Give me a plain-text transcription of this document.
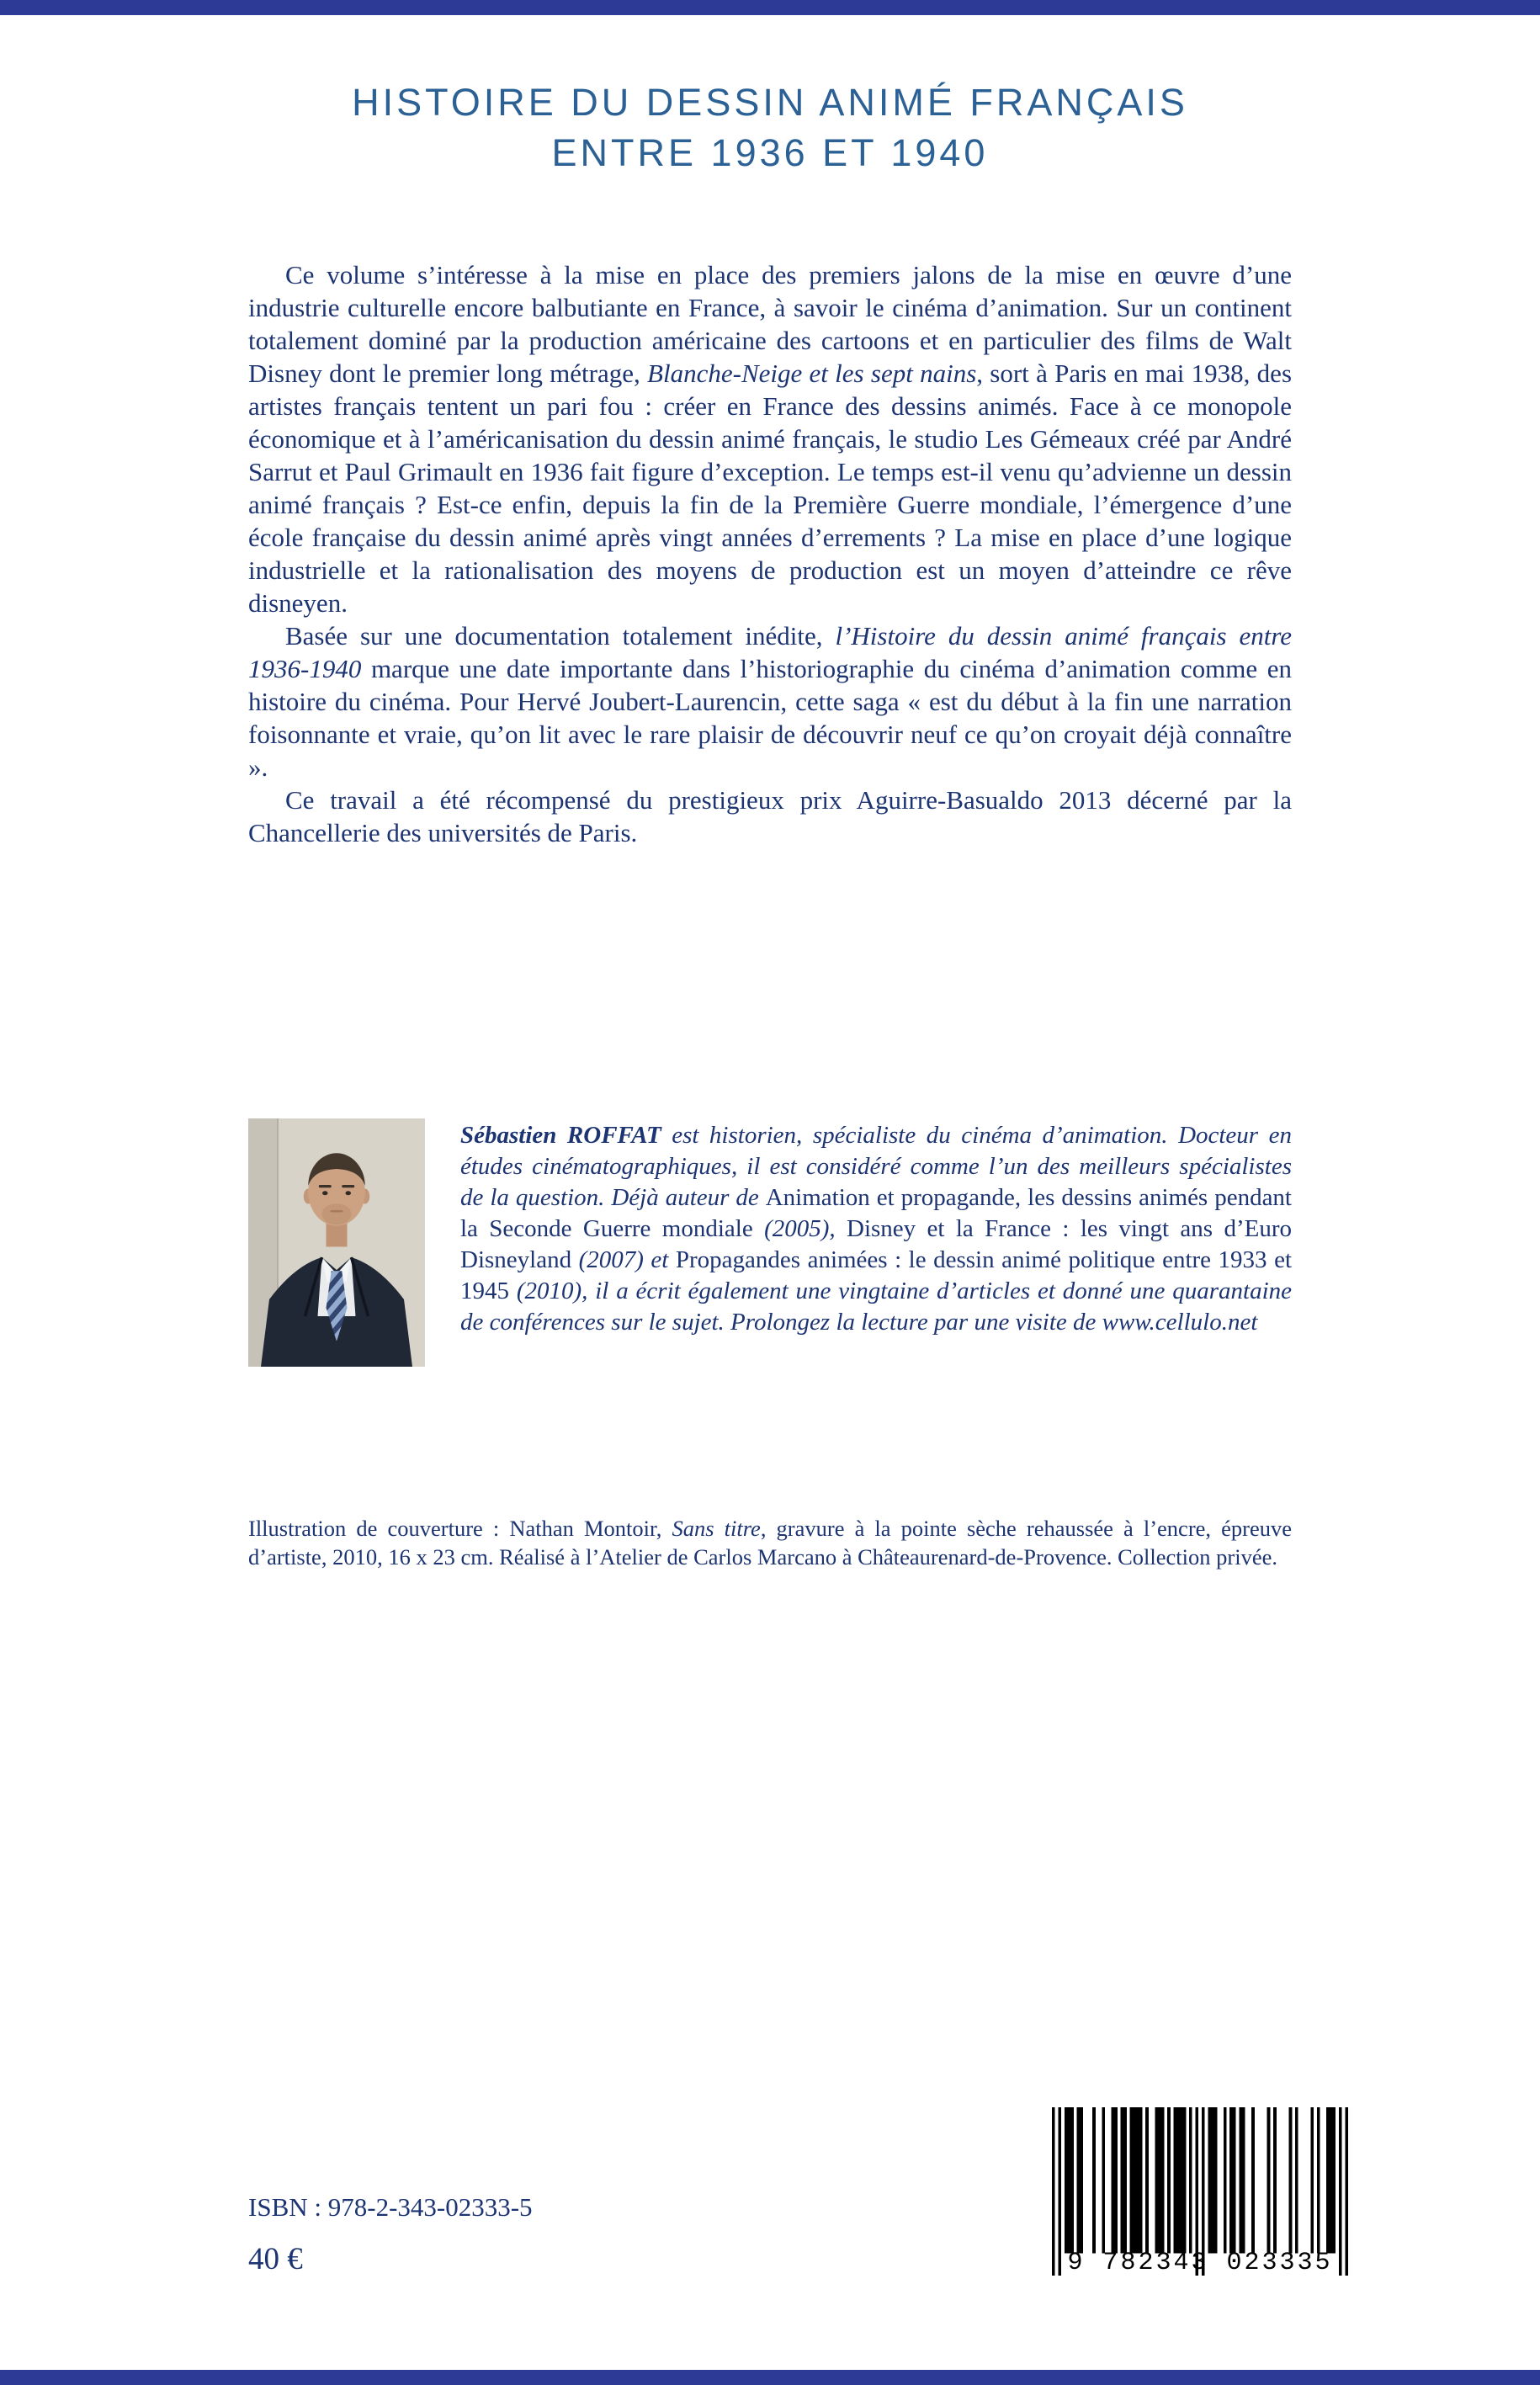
HISTOIRE DU DESSIN ANIMÉ FRANÇAIS
ENTRE 1936 ET 1940

Ce volume s’intéresse à la mise en place des premiers jalons de la mise en œuvre d’une industrie culturelle encore balbutiante en France, à savoir le cinéma d’animation. Sur un continent totalement dominé par la production américaine des cartoons et en particulier des films de Walt Disney dont le premier long métrage, Blanche-Neige et les sept nains, sort à Paris en mai 1938, des artistes français tentent un pari fou : créer en France des dessins animés. Face à ce monopole économique et à l’américanisation du dessin animé français, le studio Les Gémeaux créé par André Sarrut et Paul Grimault en 1936 fait figure d’exception. Le temps est-il venu qu’advienne un dessin animé français ? Est-ce enfin, depuis la fin de la Première Guerre mondiale, l’émergence d’une école française du dessin animé après vingt années d’errements ? La mise en place d’une logique industrielle et la rationalisation des moyens de production est un moyen d’atteindre ce rêve disneyen.

Basée sur une documentation totalement inédite, l’Histoire du dessin animé français entre 1936-1940 marque une date importante dans l’historiographie du cinéma d’animation comme en histoire du cinéma. Pour Hervé Joubert-Laurencin, cette saga « est du début à la fin une narration foisonnante et vraie, qu’on lit avec le rare plaisir de découvrir neuf ce qu’on croyait déjà connaître ».

Ce travail a été récompensé du prestigieux prix Aguirre-Basualdo 2013 décerné par la Chancellerie des universités de Paris.

Sébastien ROFFAT est historien, spécialiste du cinéma d’animation. Docteur en études cinématographiques, il est considéré comme l’un des meilleurs spécialistes de la question. Déjà auteur de Animation et propagande, les dessins animés pendant la Seconde Guerre mondiale (2005), Disney et la France : les vingt ans d’Euro Disneyland (2007) et Propagandes animées : le dessin animé politique entre 1933 et 1945 (2010), il a écrit également une vingtaine d’articles et donné une quarantaine de conférences sur le sujet. Prolongez la lecture par une visite de www.cellulo.net

Illustration de couverture : Nathan Montoir, Sans titre, gravure à la pointe sèche rehaussée à l’encre, épreuve d’artiste, 2010, 16 x 23 cm. Réalisé à l’Atelier de Carlos Marcano à Châteaurenard-de-Provence. Collection privée.

ISBN : 978-2-343-02333-5

40 €	9 782343 023335
